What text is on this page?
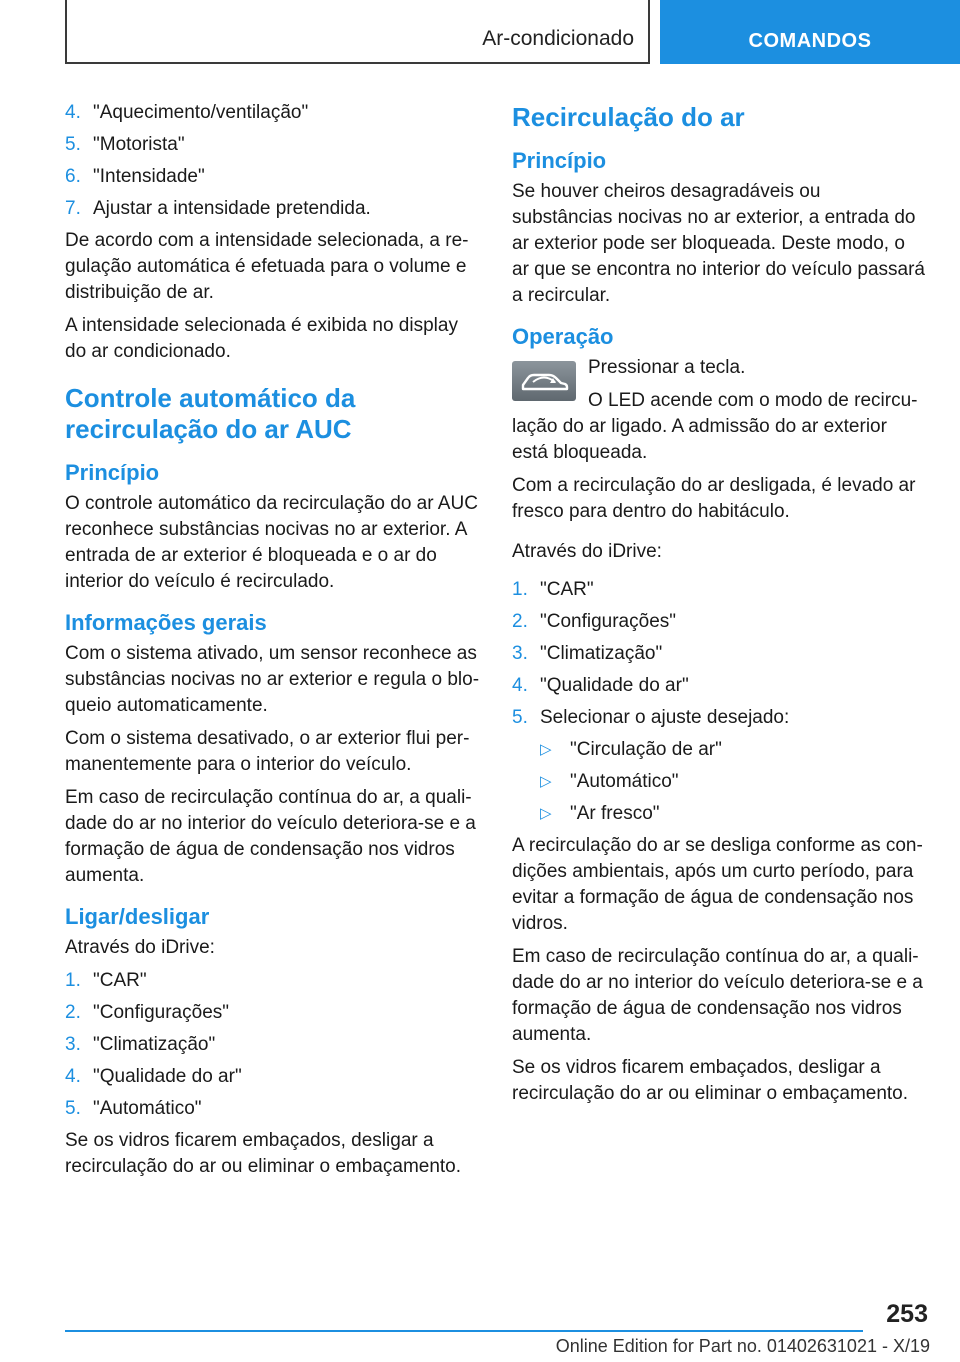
Ar-condicionado	COMANDOS
4. "Aquecimento/ventilação"
5. "Motorista"
6. "Intensidade"
7. Ajustar a intensidade pretendida.

De acordo com a intensidade selecionada, a regulação automática é efetuada para o volume e distribuição de ar.

A intensidade selecionada é exibida no display do ar condicionado.

Controle automático da recirculação do ar AUC
Princípio

O controle automático da recirculação do ar AUC reconhece substâncias nocivas no ar exterior. A entrada de ar exterior é bloqueada e o ar do interior do veículo é recirculado.

Informações gerais

Com o sistema ativado, um sensor reconhece as substâncias nocivas no ar exterior e regula o bloqueio automaticamente.

Com o sistema desativado, o ar exterior flui permanentemente para o interior do veículo.

Em caso de recirculação contínua do ar, a qualidade do ar no interior do veículo deteriora-se e a formação de água de condensação nos vidros aumenta.

Ligar/desligar

Através do iDrive:

1. "CAR"
2. "Configurações"
3. "Climatização"
4. "Qualidade do ar"
5. "Automático"

Se os vidros ficarem embaçados, desligar a recirculação do ar ou eliminar o embaçamento.

Recirculação do ar
Princípio

Se houver cheiros desagradáveis ou substâncias nocivas no ar exterior, a entrada do ar exterior pode ser bloqueada. Deste modo, o ar que se encontra no interior do veículo passará a recircular.

Operação

Pressionar a tecla.

O LED acende com o modo de recircu-

lação do ar ligado. A admissão do ar exterior está bloqueada.

Com a recirculação do ar desligada, é levado ar fresco para dentro do habitáculo.

Através do iDrive:

1. "CAR"
2. "Configurações"
3. "Climatização"
4. "Qualidade do ar"
5. Selecionar o ajuste desejado:
▷ "Circulação de ar"
▷ "Automático"
▷ "Ar fresco"

A recirculação do ar se desliga conforme as condições ambientais, após um curto período, para evitar a formação de água de condensação nos vidros.

Em caso de recirculação contínua do ar, a qualidade do ar no interior do veículo deteriora-se e a formação de água de condensação nos vidros aumenta.

Se os vidros ficarem embaçados, desligar a recirculação do ar ou eliminar o embaçamento.

253
Online Edition for Part no. 01402631021 - X/19
